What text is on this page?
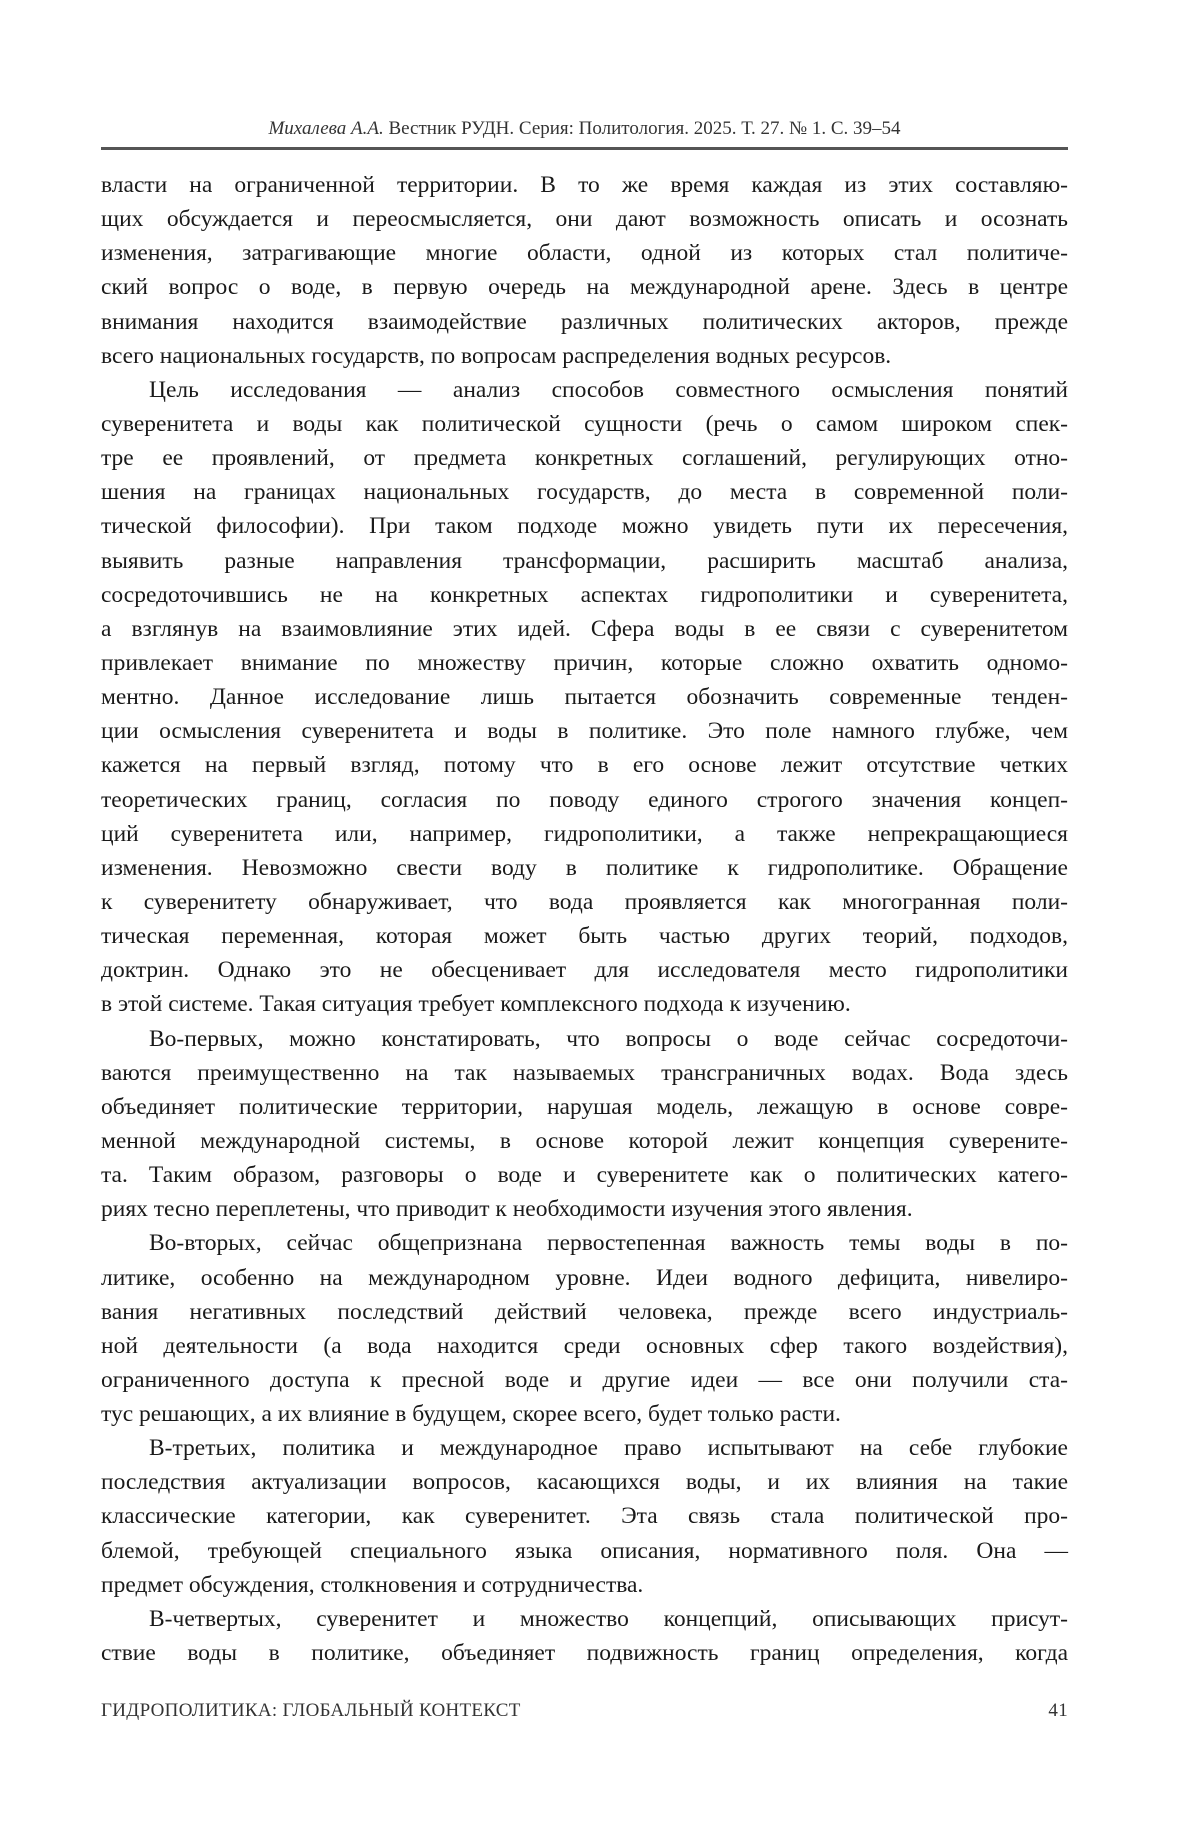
Михалева А.А. Вестник РУДН. Серия: Политология. 2025. Т. 27. № 1. С. 39–54
власти на ограниченной территории. В то же время каждая из этих составляю-
щих обсуждается и переосмысляется, они дают возможность описать и осознать
изменения, затрагивающие многие области, одной из которых стал политиче-
ский вопрос о воде, в первую очередь на международной арене. Здесь в центре
внимания находится взаимодействие различных политических акторов, прежде
всего национальных государств, по вопросам распределения водных ресурсов.
Цель исследования — анализ способов совместного осмысления понятий
суверенитета и воды как политической сущности (речь о самом широком спек-
тре ее проявлений, от предмета конкретных соглашений, регулирующих отно-
шения на границах национальных государств, до места в современной поли-
тической философии). При таком подходе можно увидеть пути их пересечения,
выявить разные направления трансформации, расширить масштаб анализа,
сосредоточившись не на конкретных аспектах гидрополитики и суверенитета,
а взглянув на взаимовлияние этих идей. Сфера воды в ее связи с суверенитетом
привлекает внимание по множеству причин, которые сложно охватить одномо-
ментно. Данное исследование лишь пытается обозначить современные тенден-
ции осмысления суверенитета и воды в политике. Это поле намного глубже, чем
кажется на первый взгляд, потому что в его основе лежит отсутствие четких
теоретических границ, согласия по поводу единого строгого значения концеп-
ций суверенитета или, например, гидрополитики, а также непрекращающиеся
изменения. Невозможно свести воду в политике к гидрополитике. Обращение
к суверенитету обнаруживает, что вода проявляется как многогранная поли-
тическая переменная, которая может быть частью других теорий, подходов,
доктрин. Однако это не обесценивает для исследователя место гидрополитики
в этой системе. Такая ситуация требует комплексного подхода к изучению.
Во-первых, можно констатировать, что вопросы о воде сейчас сосредоточи-
ваются преимущественно на так называемых трансграничных водах. Вода здесь
объединяет политические территории, нарушая модель, лежащую в основе совре-
менной международной системы, в основе которой лежит концепция суверените-
та. Таким образом, разговоры о воде и суверенитете как о политических катего-
риях тесно переплетены, что приводит к необходимости изучения этого явления.
Во-вторых, сейчас общепризнана первостепенная важность темы воды в по-
литике, особенно на международном уровне. Идеи водного дефицита, нивелиро-
вания негативных последствий действий человека, прежде всего индустриаль-
ной деятельности (а вода находится среди основных сфер такого воздействия),
ограниченного доступа к пресной воде и другие идеи — все они получили ста-
тус решающих, а их влияние в будущем, скорее всего, будет только расти.
В-третьих, политика и международное право испытывают на себе глубокие
последствия актуализации вопросов, касающихся воды, и их влияния на такие
классические категории, как суверенитет. Эта связь стала политической про-
блемой, требующей специального языка описания, нормативного поля. Она —
предмет обсуждения, столкновения и сотрудничества.
В-четвертых, суверенитет и множество концепций, описывающих присут-
ствие воды в политике, объединяет подвижность границ определения, когда
ГИДРОПОЛИТИКА: ГЛОБАЛЬНЫЙ КОНТЕКСТ	41
